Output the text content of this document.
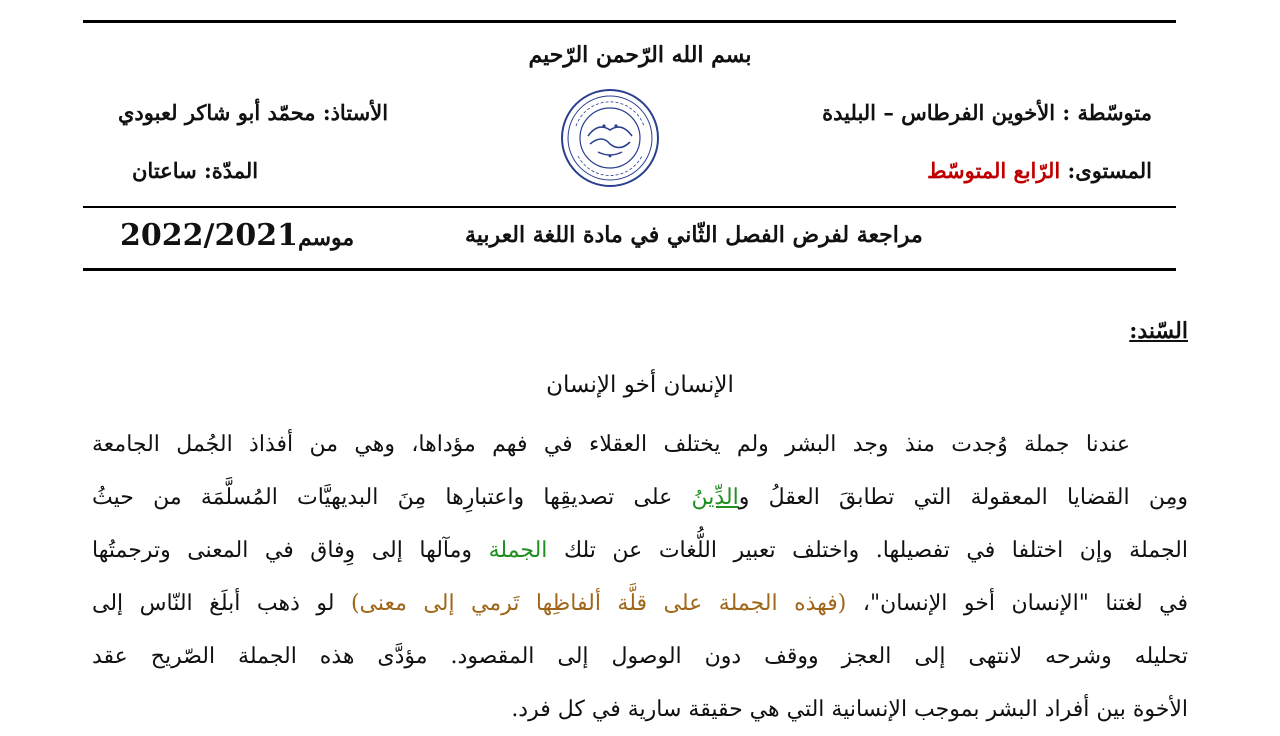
بسم الله الرّحمن الرّحيم
متوسّطة : الأخوين الفرطاس – البليدة
الأستاذ: محمّد أبو شاكر لعبودي
المستوى: الرّابع المتوسّط
المدّة: ساعتان
مراجعة لفرض الفصل الثّاني في مادة اللغة العربية
موسم2022/2021
السّند:
الإنسان أخو الإنسان
عندنا جملة وُجدت منذ وجد البشر ولم يختلف العقلاء في فهم مؤداها، وهي من أفذاذ الجُمل الجامعة
ومِن القضايا المعقولة التي تطابقَ العقلُ والدِّينُ على تصديقِها واعتبارِها مِنَ البديهيَّات المُسلَّمَة من حيثُ
الجملة وإن اختلفا في تفصيلها. واختلف تعبير اللُّغات عن تلك الجملة ومآلها إلى وِفاق في المعنى وترجمتُها
في لغتنا "الإنسان أخو الإنسان"، (فهذه الجملة على قلَّة ألفاظِها تَرمي إلى معنى) لو ذهب أبلَغ النّاس إلى
تحليله وشرحه لانتهى إلى العجز ووقف دون الوصول إلى المقصود. مؤدَّى هذه الجملة الصّريح عقد
الأخوة بين أفراد البشر بموجب الإنسانية التي هي حقيقة سارية في كل فرد.
